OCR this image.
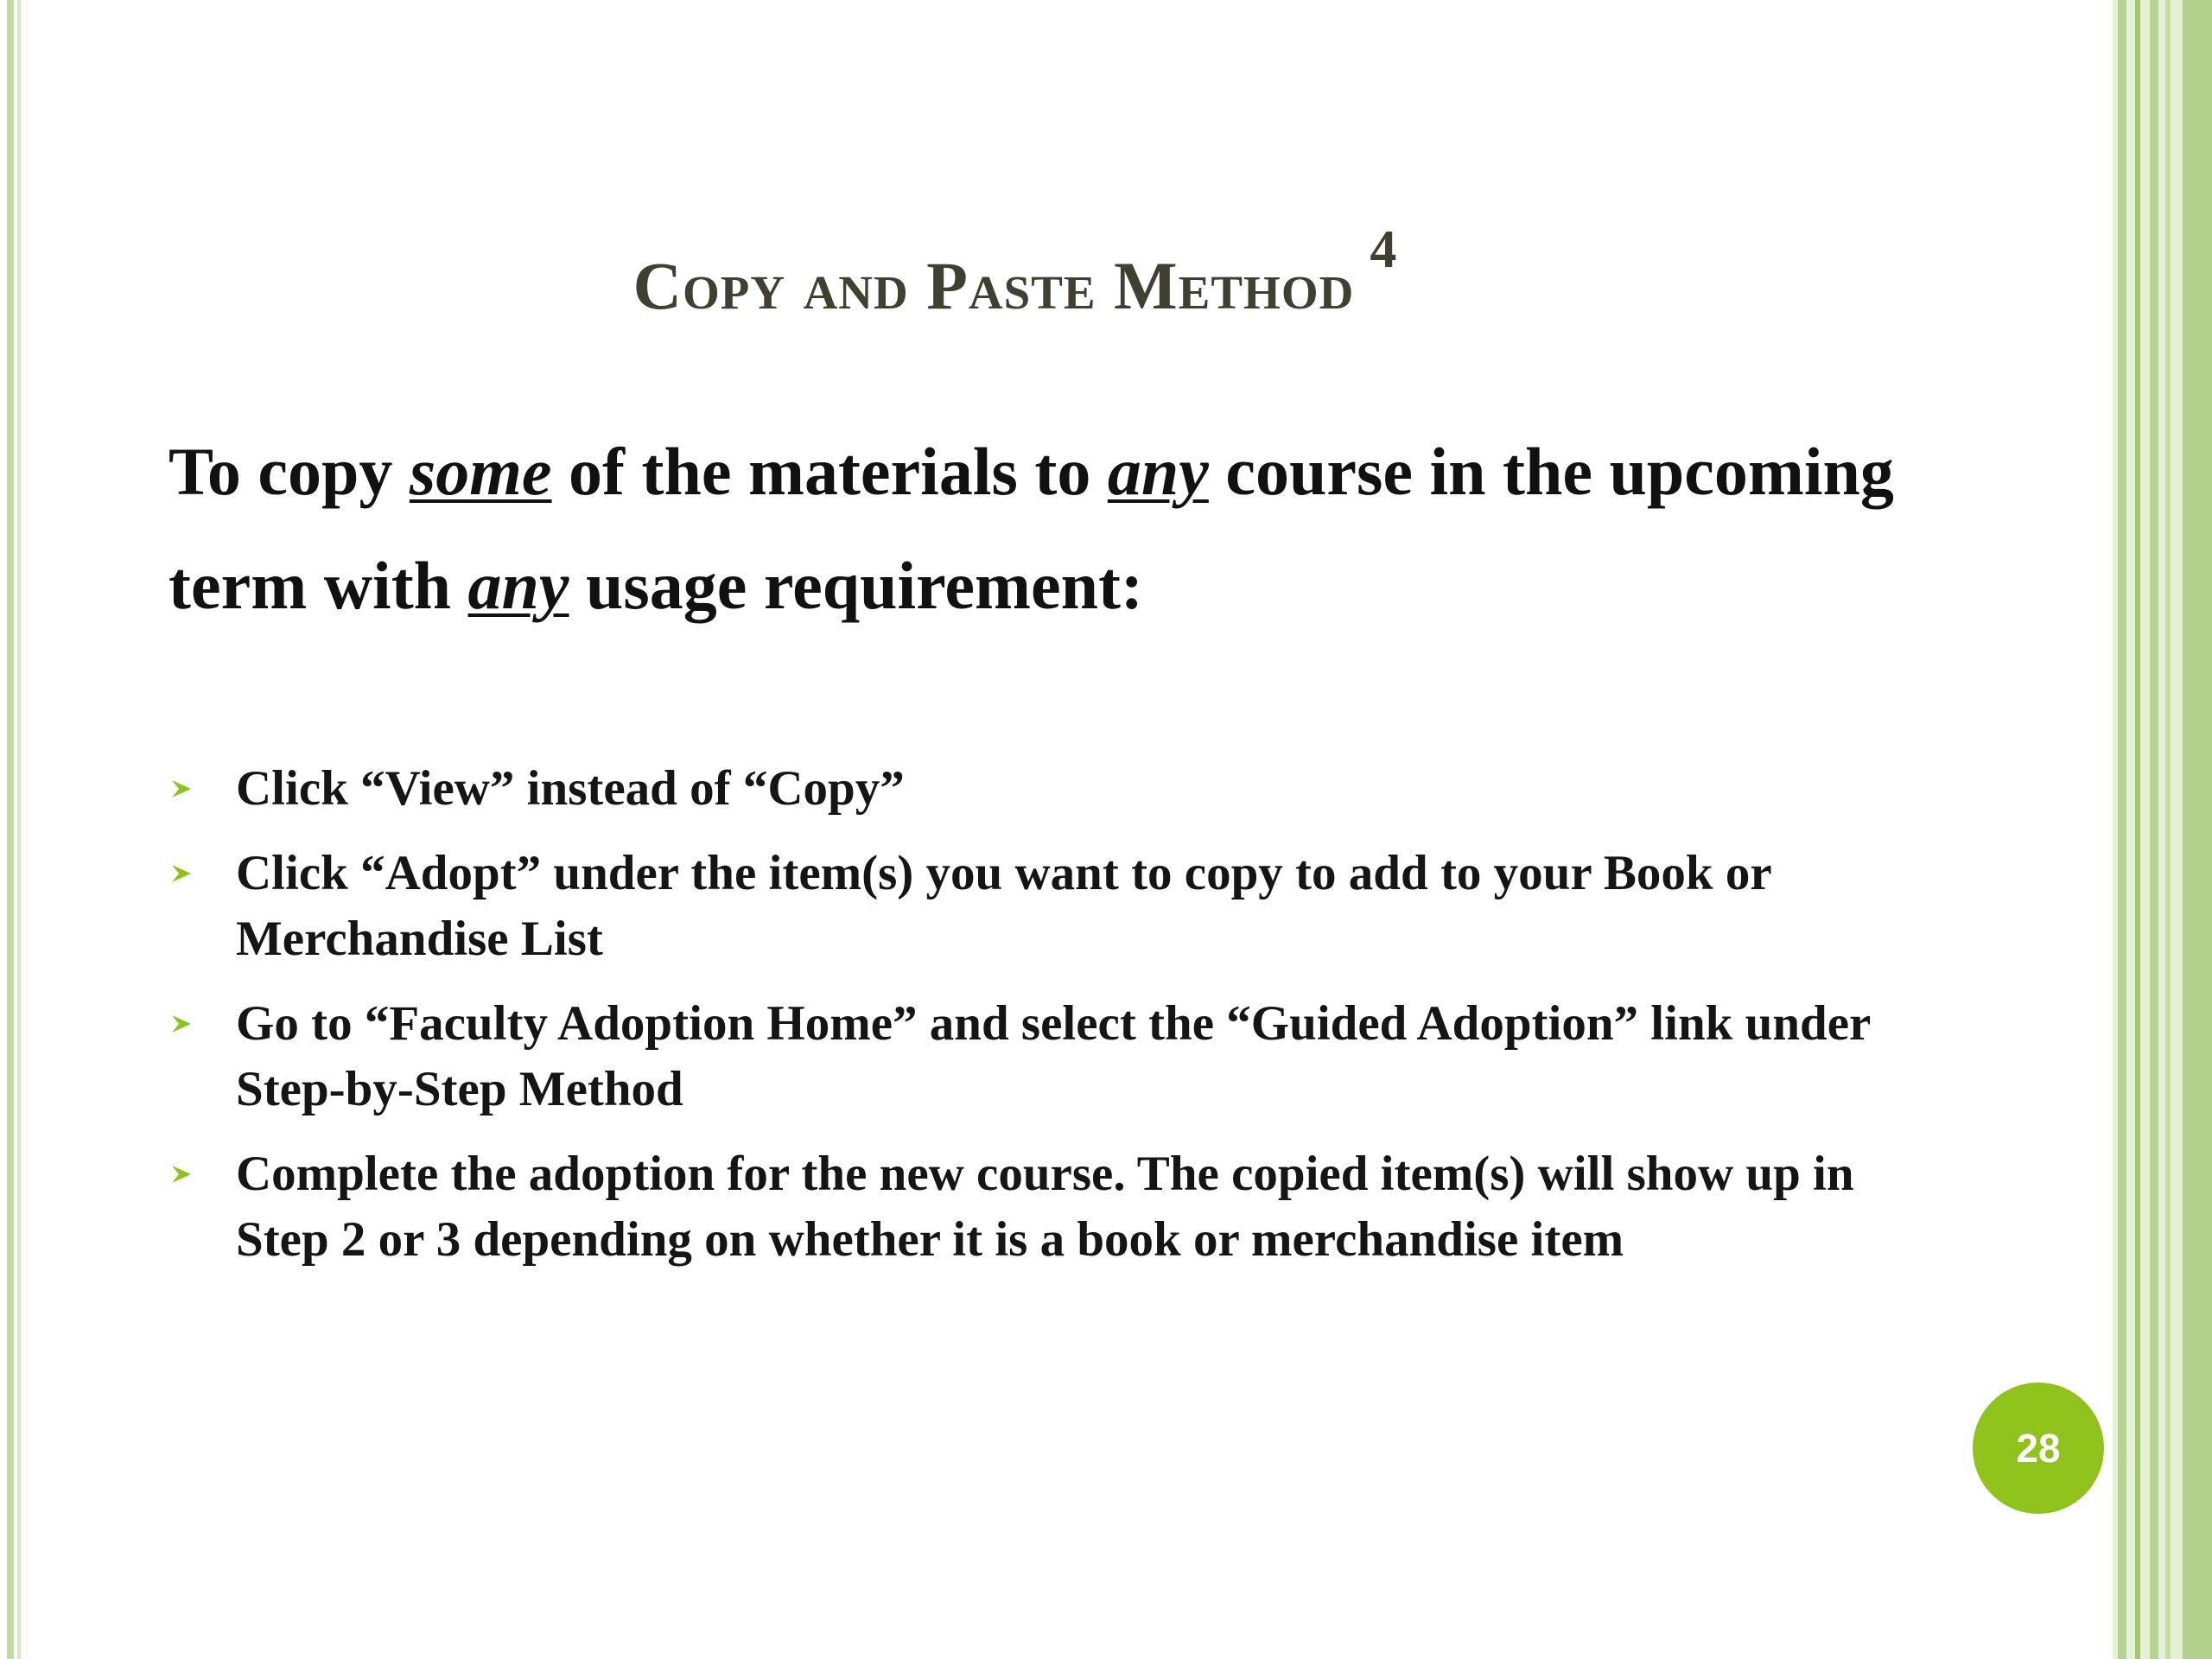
Copy and Paste Method $^4$

To copy some of the materials to any course in the upcoming term with any usage requirement:

Click “View” instead of “Copy”
Click “Adopt” under the item(s) you want to copy to add to your Book or Merchandise List
Go to “Faculty Adoption Home” and select the “Guided Adoption” link under Step-by-Step Method
Complete the adoption for the new course. The copied item(s) will show up in Step 2 or 3 depending on whether it is a book or merchandise item
28
